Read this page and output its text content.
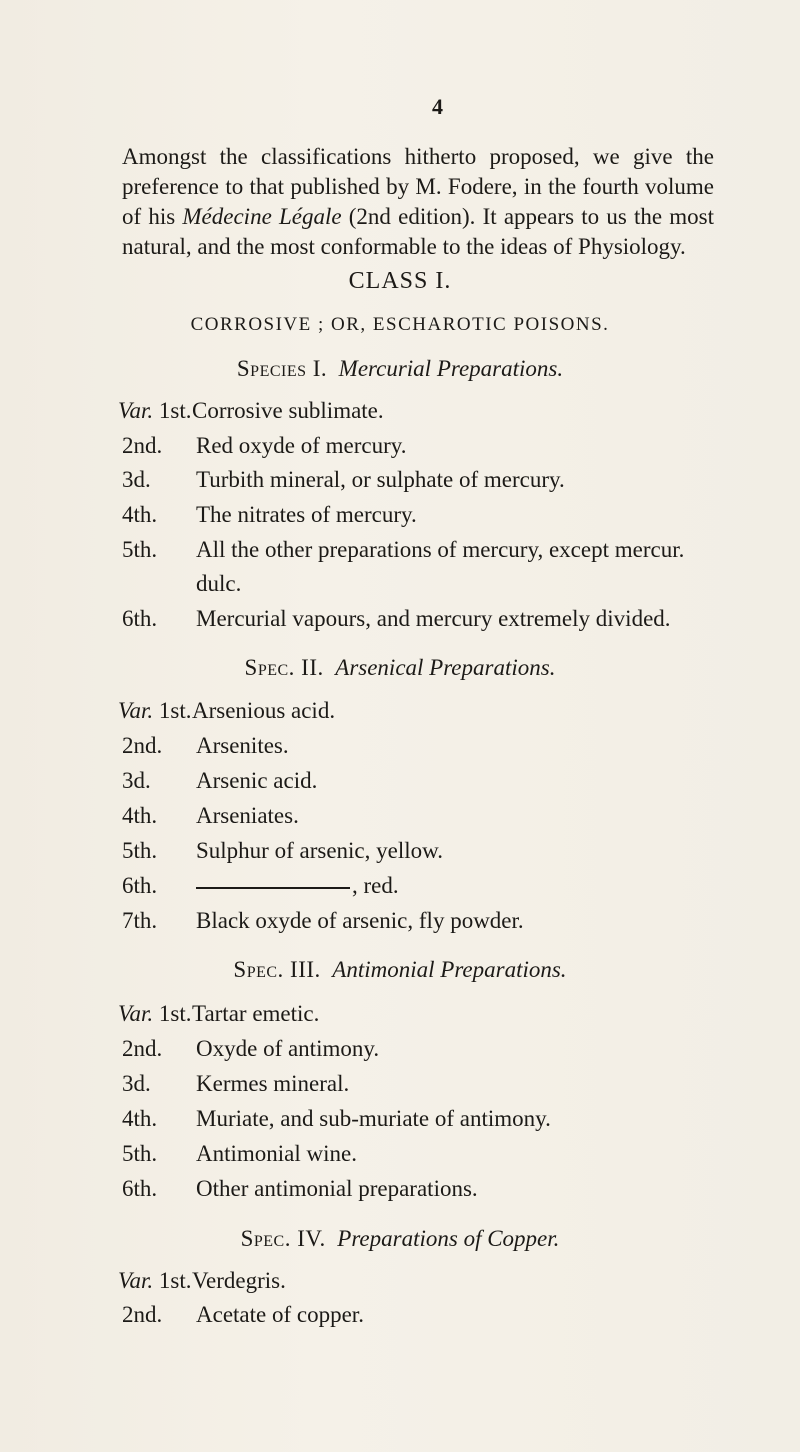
4
Amongst the classifications hitherto proposed, we give the preference to that published by M. Fodere, in the fourth volume of his Médecine Légale (2nd edition). It appears to us the most natural, and the most conformable to the ideas of Physiology.
CLASS I.
CORROSIVE ; OR, ESCHAROTIC POISONS.
Species I. Mercurial Preparations.
Var. 1st.Corrosive sublimate.
2nd. Red oxyde of mercury.
3d. Turbith mineral, or sulphate of mercury.
4th. The nitrates of mercury.
5th. All the other preparations of mercury, except mercur.
dulc.
6th. Mercurial vapours, and mercury extremely divided.
Spec. II. Arsenical Preparations.
Var. 1st.Arsenious acid.
2nd. Arsenites.
3d. Arsenic acid.
4th. Arseniates.
5th. Sulphur of arsenic, yellow.
6th.	, red.
7th. Black oxyde of arsenic, fly powder.
Spec. III. Antimonial Preparations.
Var. 1st.Tartar emetic.
2nd. Oxyde of antimony.
3d. Kermes mineral.
4th. Muriate, and sub-muriate of antimony.
5th. Antimonial wine.
6th. Other antimonial preparations.
Spec. IV. Preparations of Copper.
Var. 1st.Verdegris.
2nd. Acetate of copper.
